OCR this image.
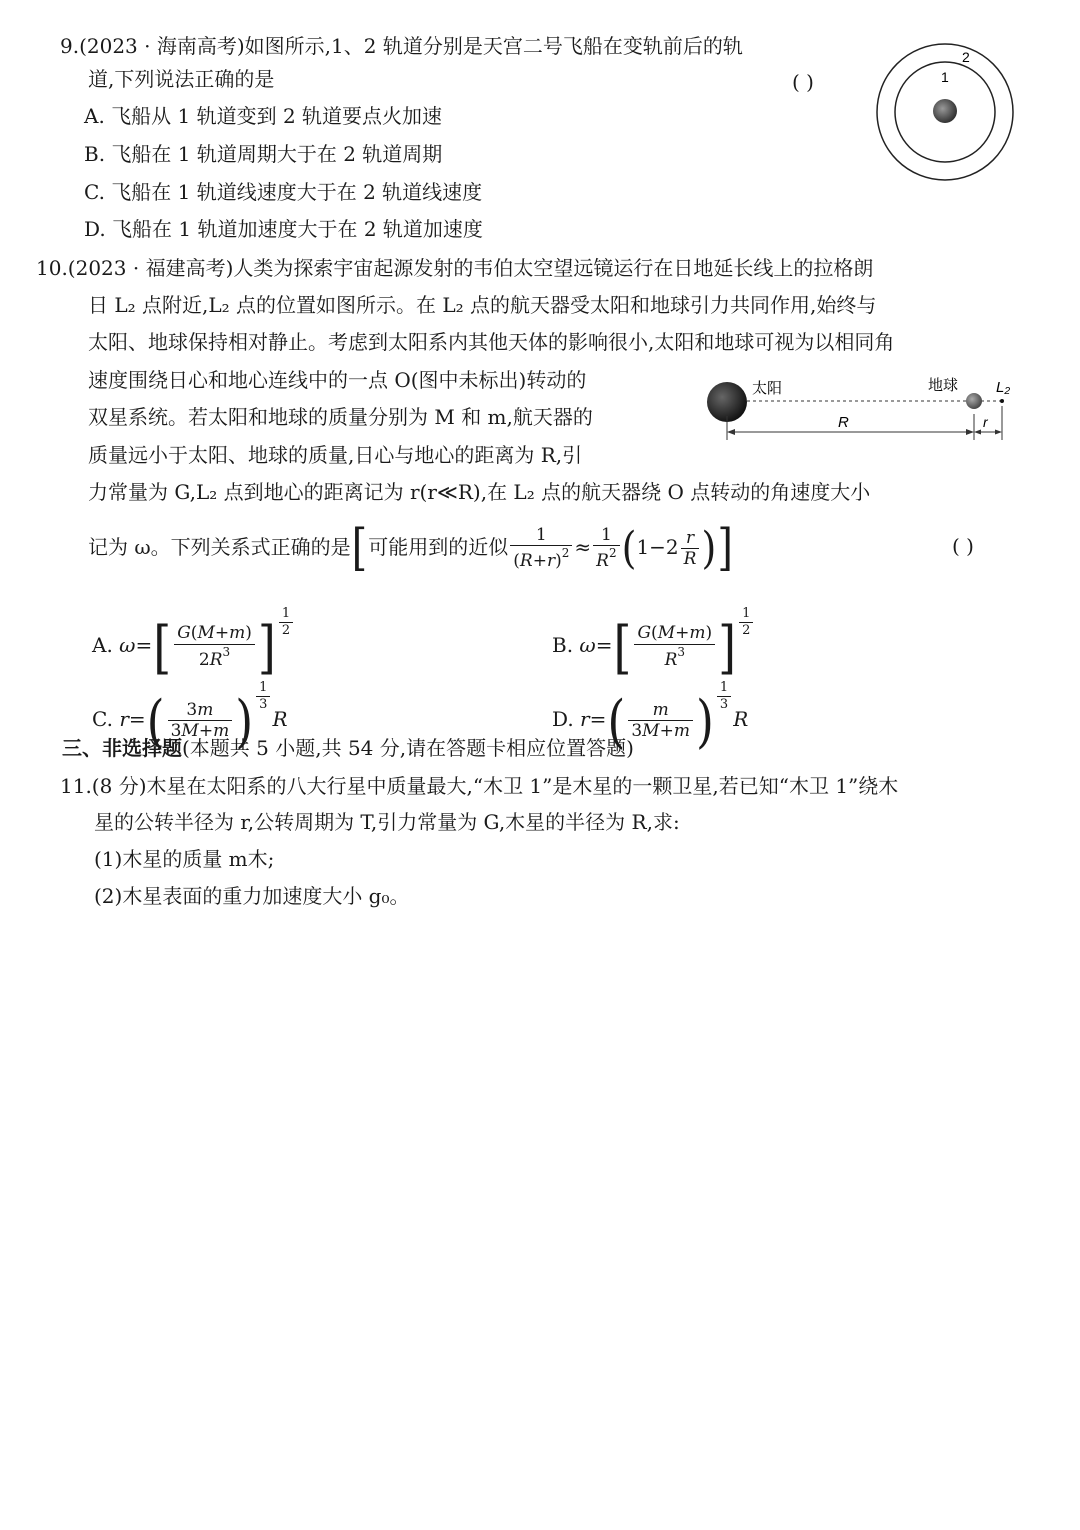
9.(2023 · 海南高考)如图所示,1、2 轨道分别是天宫二号飞船在变轨前后的轨
道,下列说法正确的是	( )
A. 飞船从 1 轨道变到 2 轨道要点火加速
B. 飞船在 1 轨道周期大于在 2 轨道周期
C. 飞船在 1 轨道线速度大于在 2 轨道线速度
D. 飞船在 1 轨道加速度大于在 2 轨道加速度
1
2
10.(2023 · 福建高考)人类为探索宇宙起源发射的韦伯太空望远镜运行在日地延长线上的拉格朗
日 L₂ 点附近,L₂ 点的位置如图所示。在 L₂ 点的航天器受太阳和地球引力共同作用,始终与
太阳、地球保持相对静止。考虑到太阳系内其他天体的影响很小,太阳和地球可视为以相同角
速度围绕日心和地心连线中的一点 O(图中未标出)转动的
双星系统。若太阳和地球的质量分别为 M 和 m,航天器的
质量远小于太阳、地球的质量,日心与地心的距离为 R,引
力常量为 G,L₂ 点到地心的距离记为 r(r≪R),在 L₂ 点的航天器绕 O 点转动的角速度大小
太阳	地球	L₂
R	r
记为 ω。下列关系式正确的是[可能用到的近似 $\frac{1}{(R+r)^2} \approx \frac{1}{R^2} (1-2 \frac{r}{R}$ )]	( )
A. $\omega=[ \frac{G(M+m)}{2R^3}$ ] $\frac{1}{2}$
B. $\omega=[ \frac{G(M+m)}{R^3}$ ] $\frac{1}{2}$
C. $r=( \frac{3m}{3M+m}$ ) $\frac{1}{3}$
R	D. $r=( \frac{m}{3M+m}$ ) $\frac{1}{3}$
R
三、非选择题(本题共 5 小题,共 54 分,请在答题卡相应位置答题)
11.(8 分)木星在太阳系的八大行星中质量最大,“木卫 1”是木星的一颗卫星,若已知“木卫 1”绕木
星的公转半径为 r,公转周期为 T,引力常量为 G,木星的半径为 R,求:
(1)木星的质量 m木;
(2)木星表面的重力加速度大小 g₀。
